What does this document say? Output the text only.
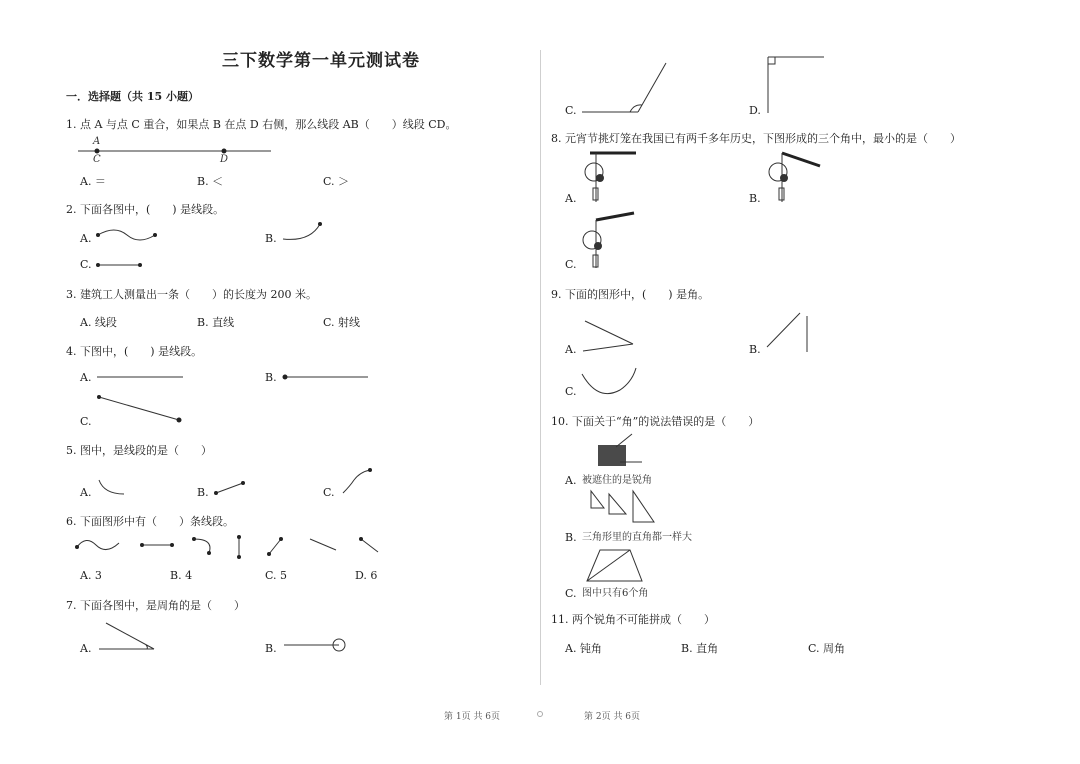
三下数学第一单元测试卷
一．选择题（共 15 小题）
1. 点 A 与点 C 重合，如果点 B 在点 D 右侧，那么线段 AB（　　）线段 CD。
A
C	D
A. ＝	B. ＜	C. ＞
2. 下面各图中，(　　) 是线段。
A.	B.
C.
3. 建筑工人测量出一条（　　）的长度为 200 米。
A. 线段	B. 直线	C. 射线
4. 下图中，(　　) 是线段。
A.	B.
C.
5. 图中，是线段的是（　　）
A.	B.	C.
6. 下面图形中有（　　）条线段。
A. 3	B. 4	C. 5	D. 6
7. 下面各图中，是周角的是（　　）
A.	B.
C.	D.
8. 元宵节挑灯笼在我国已有两千多年历史，下图形成的三个角中，最小的是（　　）
A.	B.
C.
9. 下面的图形中，(　　) 是角。
A.	B.
C.
10. 下面关于“角”的说法错误的是（　　）
A. 被遮住的是锐角
B. 三角形里的直角都一样大
C. 图中只有6个角
11. 两个锐角不可能拼成（　　）
A. 钝角	B. 直角	C. 周角
第 1页 共 6页	第 2页 共 6页
